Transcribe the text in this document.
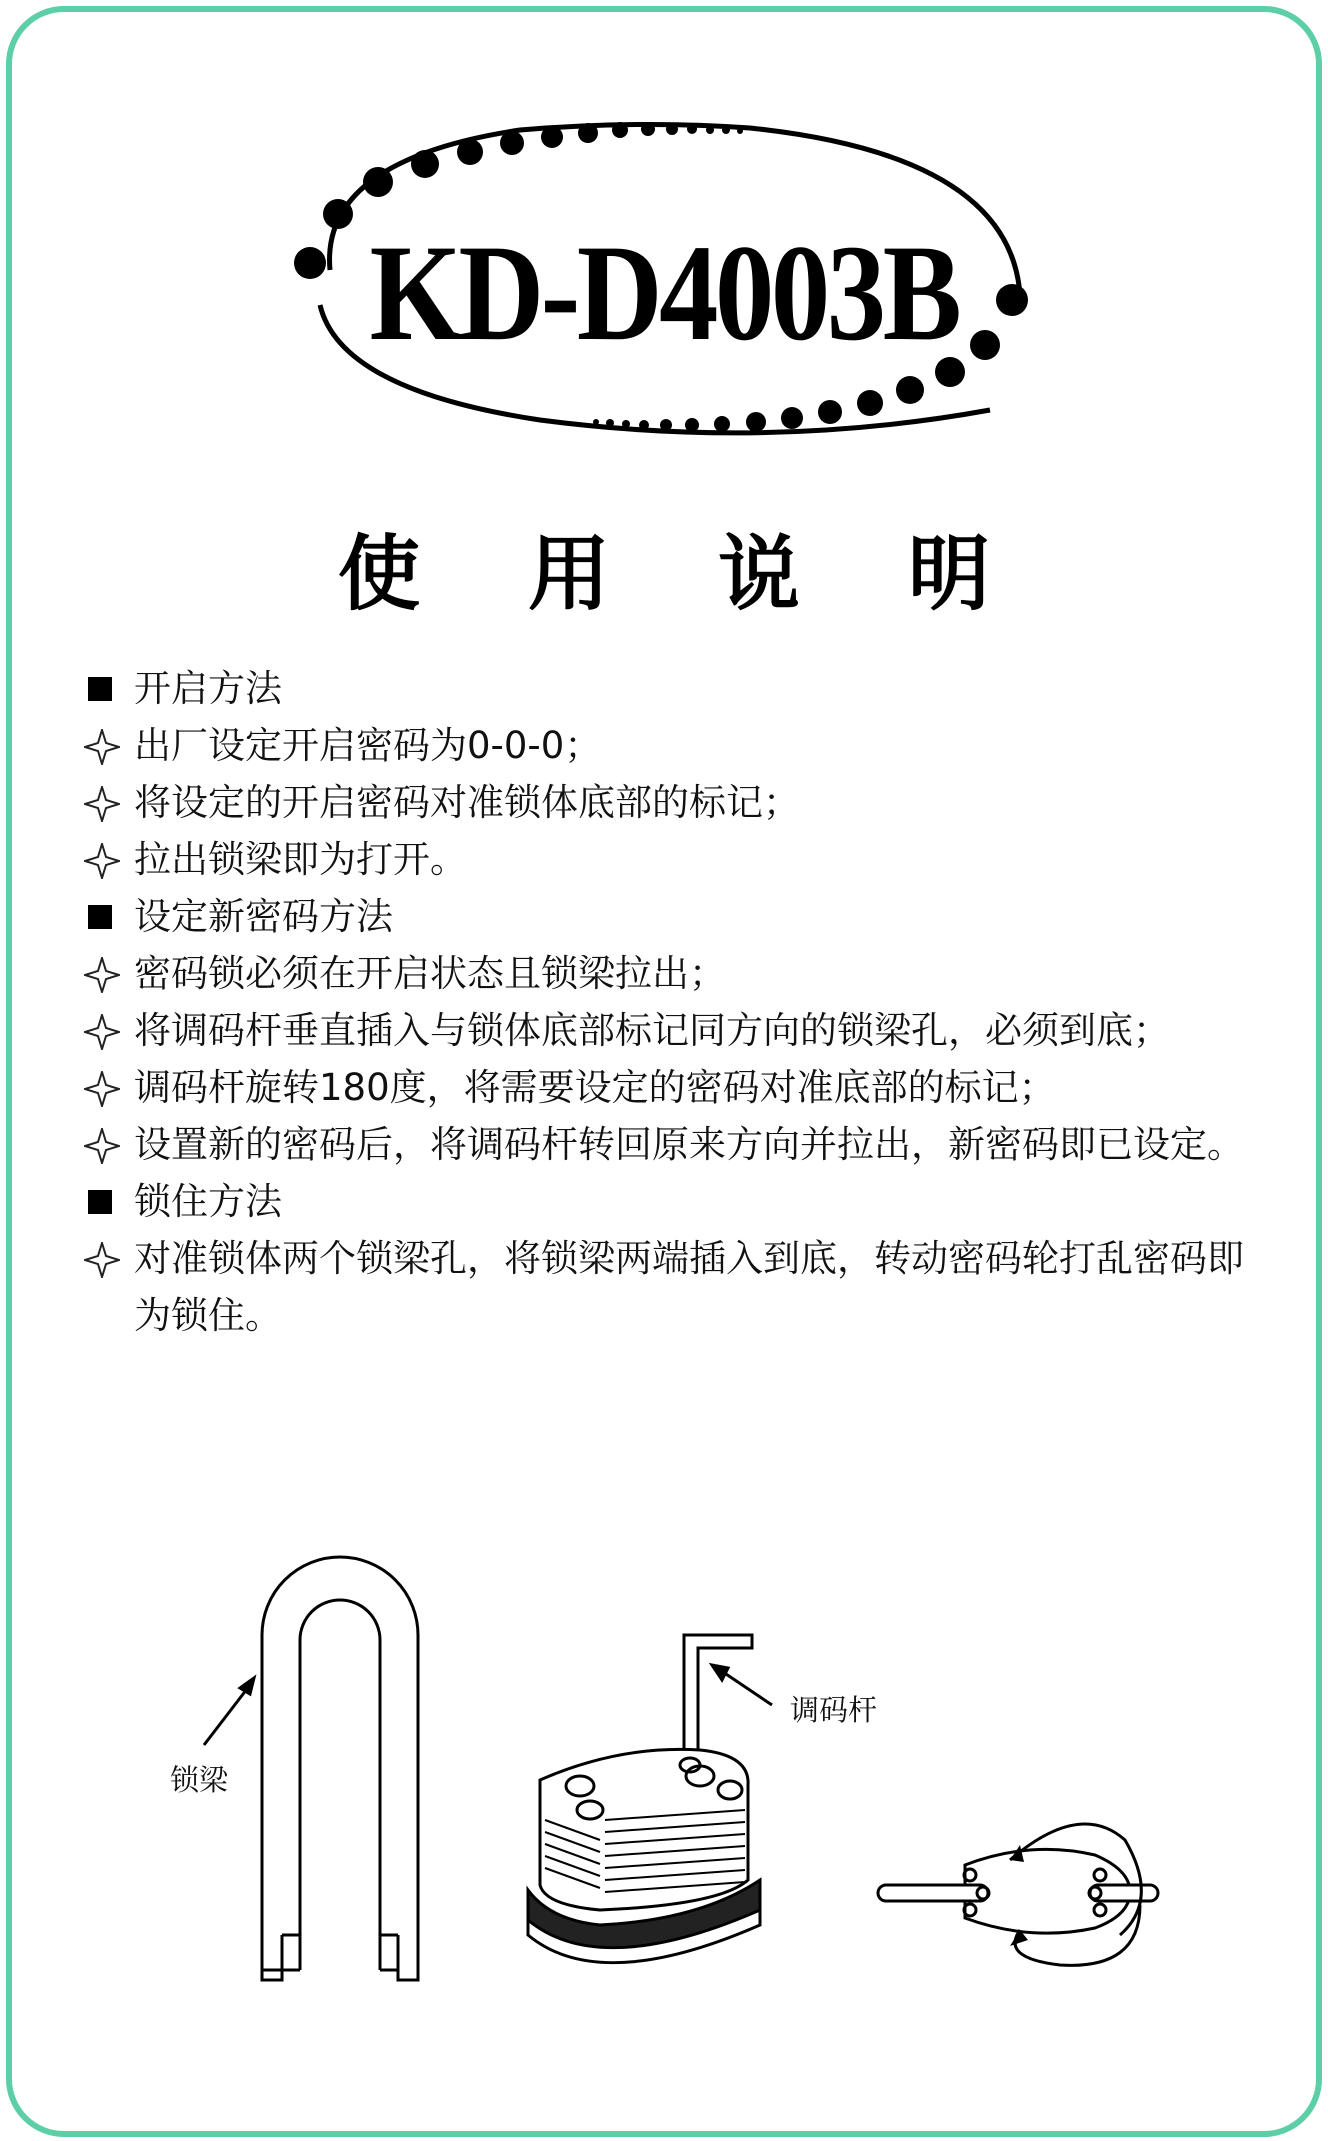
KD-D4003B
使用说明
开启方法
出厂设定开启密码为0-0-0；
将设定的开启密码对准锁体底部的标记；
拉出锁梁即为打开。
设定新密码方法
密码锁必须在开启状态且锁梁拉出；
将调码杆垂直插入与锁体底部标记同方向的锁梁孔，必须到底；
调码杆旋转180度，将需要设定的密码对准底部的标记；
设置新的密码后，将调码杆转回原来方向并拉出，新密码即已设定。
锁住方法
对准锁体两个锁梁孔，将锁梁两端插入到底，转动密码轮打乱密码即为锁住。
锁梁
调码杆
